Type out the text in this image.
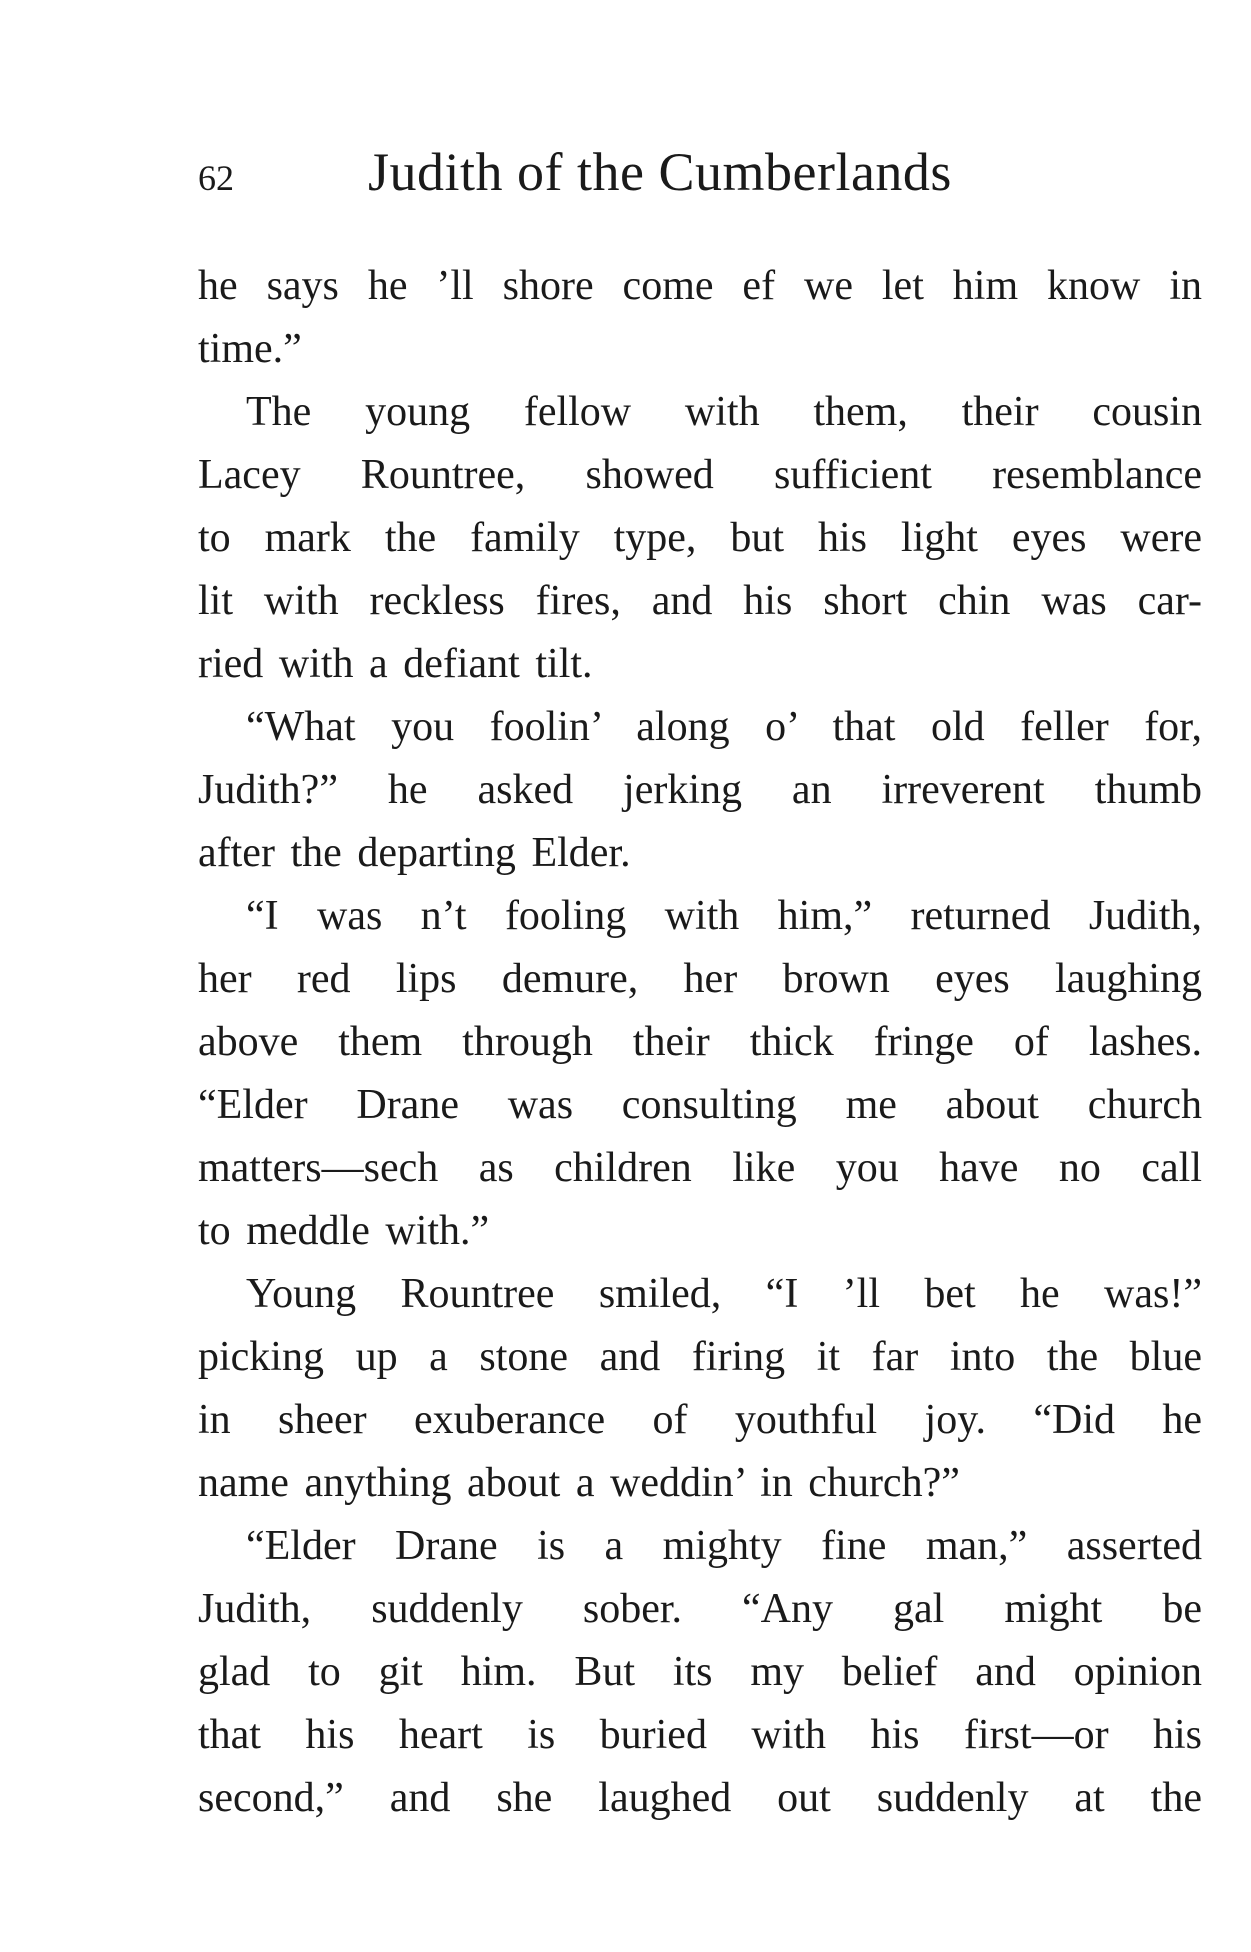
62 Judith of the Cumberlands
he says he ’ll shore come ef we let him know in
time.”
The young fellow with them, their cousin
Lacey Rountree, showed sufficient resemblance
to mark the family type, but his light eyes were
lit with reckless fires, and his short chin was car-
ried with a defiant tilt.
“What you foolin’ along o’ that old feller for,
Judith?” he asked jerking an irreverent thumb
after the departing Elder.
“I was n’t fooling with him,” returned Judith,
her red lips demure, her brown eyes laughing
above them through their thick fringe of lashes.
“Elder Drane was consulting me about church
matters—sech as children like you have no call
to meddle with.”
Young Rountree smiled, “I ’ll bet he was!”
picking up a stone and firing it far into the blue
in sheer exuberance of youthful joy. “Did he
name anything about a weddin’ in church?”
“Elder Drane is a mighty fine man,” asserted
Judith, suddenly sober. “Any gal might be
glad to git him. But its my belief and opinion
that his heart is buried with his first—or his
second,” and she laughed out suddenly at the
